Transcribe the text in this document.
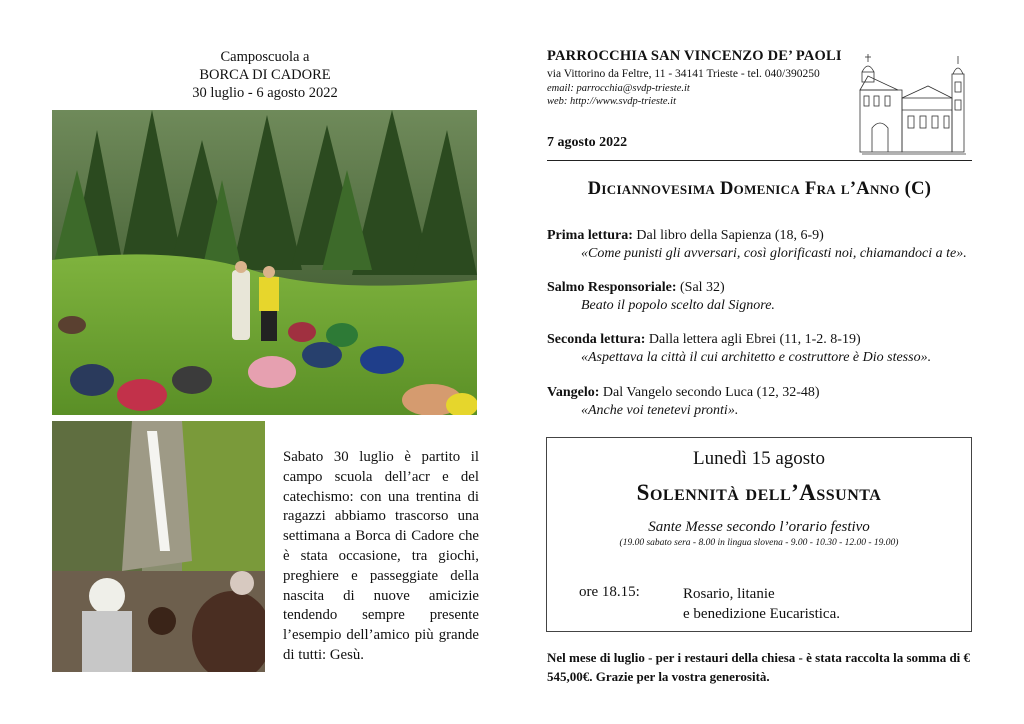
Camposcuola a
BORCA DI CADORE
30 luglio - 6 agosto 2022
Sabato 30 luglio è partito il campo scuola dell’acr e del catechismo: con una trentina di ragazzi abbiamo trascorso una settimana a Borca di Cadore che è stata occasione, tra giochi, preghiere e passeggiate della nascita di nuove amicizie tendendo sempre presente l’esempio dell’amico più grande di tutti: Gesù.
PARROCCHIA SAN VINCENZO DE’ PAOLI
via Vittorino da Feltre, 11 - 34141 Trieste - tel. 040/390250
email: parrocchia@svdp-trieste.it
web: http://www.svdp-trieste.it
7 agosto 2022
Diciannovesima Domenica Fra l’Anno (C)
Prima lettura: Dal libro della Sapienza (18, 6-9)
«Come punisti gli avversari, così glorificasti noi, chiamandoci a te».
Salmo Responsoriale: (Sal 32)
Beato il popolo scelto dal Signore.
Seconda lettura: Dalla lettera agli Ebrei (11, 1-2. 8-19)
«Aspettava la città il cui architetto e costruttore è Dio stesso».
Vangelo: Dal Vangelo secondo Luca (12, 32-48)
«Anche voi tenetevi pronti».
Lunedì 15 agosto
Solennità dell’Assunta
Sante Messe secondo l’orario festivo
(19.00 sabato sera - 8.00 in lingua slovena - 9.00 - 10.30 - 12.00 - 19.00)
ore 18.15:	Rosario, litanie
e benedizione Eucaristica.
Nel mese di luglio - per i restauri della chiesa - è stata raccolta la somma di € 545,00€. Grazie per la vostra generosità.
